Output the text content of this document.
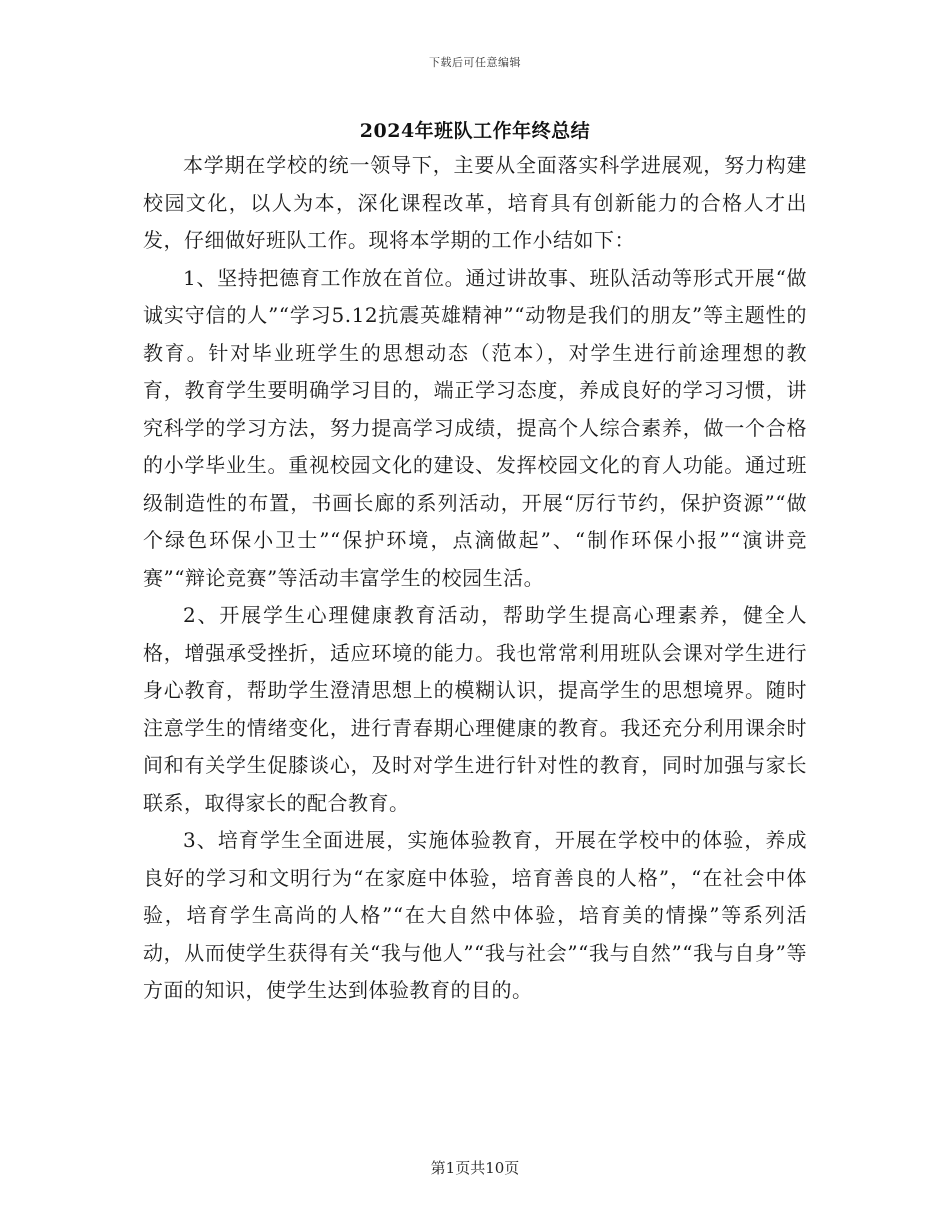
下载后可任意编辑
2024年班队工作年终总结

本学期在学校的统一领导下，主要从全面落实科学进展观，努力构建校园文化，以人为本，深化课程改革，培育具有创新能力的合格人才出发，仔细做好班队工作。现将本学期的工作小结如下：

1、坚持把德育工作放在首位。通过讲故事、班队活动等形式开展“做诚实守信的人”“学习5.12抗震英雄精神”“动物是我们的朋友”等主题性的教育。针对毕业班学生的思想动态（范本），对学生进行前途理想的教育，教育学生要明确学习目的，端正学习态度，养成良好的学习习惯，讲究科学的学习方法，努力提高学习成绩，提高个人综合素养，做一个合格的小学毕业生。重视校园文化的建设、发挥校园文化的育人功能。通过班级制造性的布置，书画长廊的系列活动，开展“厉行节约，保护资源”“做个绿色环保小卫士”“保护环境，点滴做起”、“制作环保小报”“演讲竞赛”“辩论竞赛”等活动丰富学生的校园生活。

2、开展学生心理健康教育活动，帮助学生提高心理素养，健全人格，增强承受挫折，适应环境的能力。我也常常利用班队会课对学生进行身心教育，帮助学生澄清思想上的模糊认识，提高学生的思想境界。随时注意学生的情绪变化，进行青春期心理健康的教育。我还充分利用课余时间和有关学生促膝谈心，及时对学生进行针对性的教育，同时加强与家长联系，取得家长的配合教育。

3、培育学生全面进展，实施体验教育，开展在学校中的体验，养成良好的学习和文明行为“在家庭中体验，培育善良的人格”，“在社会中体验，培育学生高尚的人格”“在大自然中体验，培育美的情操”等系列活动，从而使学生获得有关“我与他人”“我与社会”“我与自然”“我与自身”等方面的知识，使学生达到体验教育的目的。

第1页共10页
